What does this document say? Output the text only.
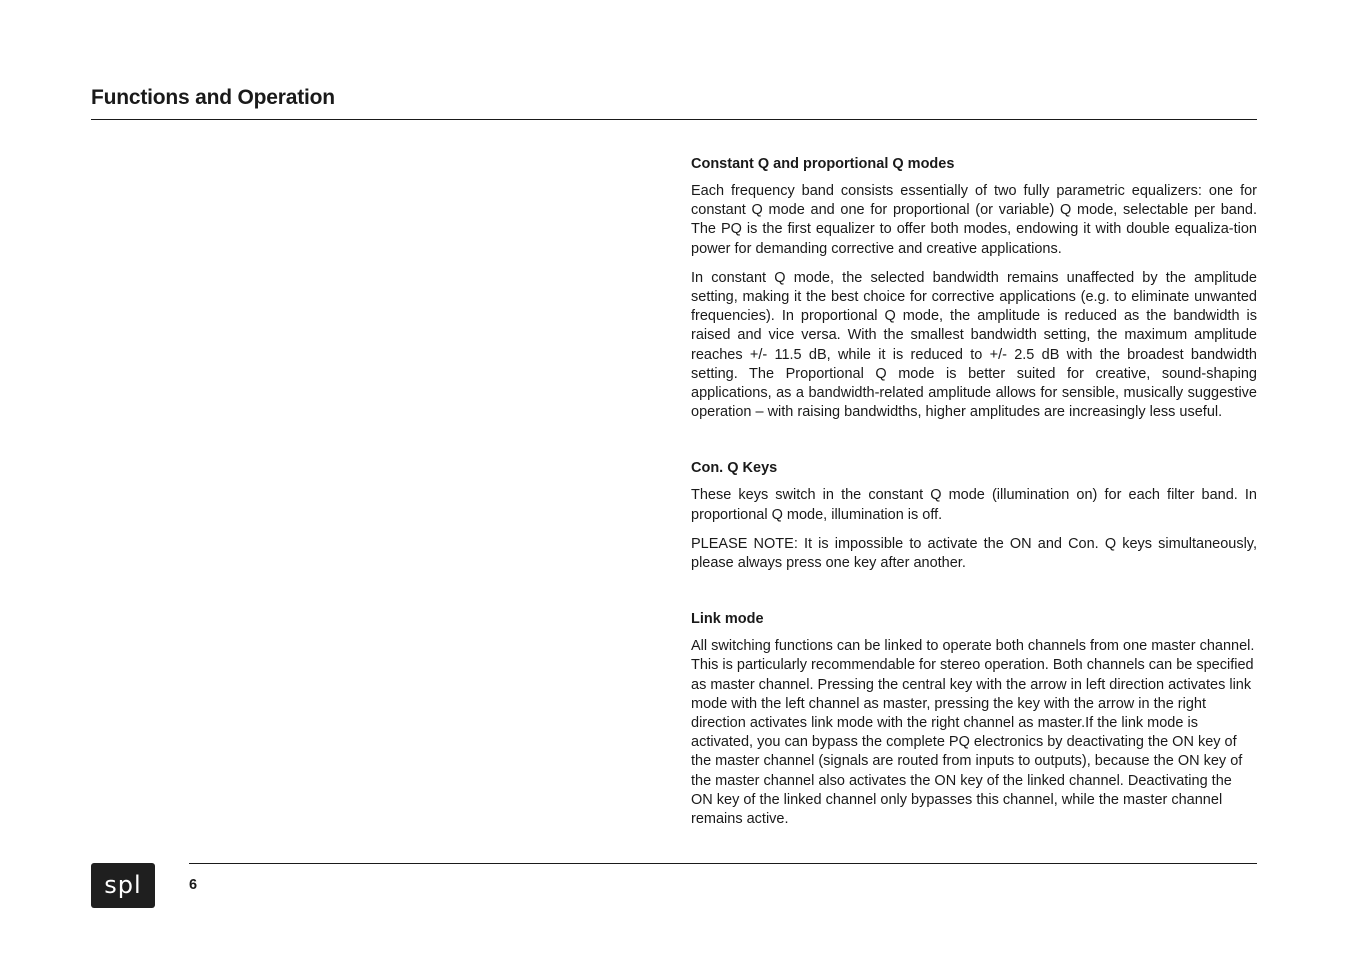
Functions and Operation
Constant Q and proportional Q modes

Each frequency band consists essentially of two fully parametric equalizers: one for constant Q mode and one for proportional (or variable) Q mode, selectable per band. The PQ is the first equalizer to offer both modes, endowing it with double equaliza-tion power for demanding corrective and creative applications.

In constant Q mode, the selected bandwidth remains unaffected by the amplitude setting, making it the best choice for corrective applications (e.g. to eliminate unwanted frequencies). In proportional Q mode, the amplitude is reduced as the bandwidth is raised and vice versa. With the smallest bandwidth setting, the maximum amplitude reaches +/- 11.5 dB, while it is reduced to +/- 2.5 dB with the broadest bandwidth setting. The Proportional Q mode is better suited for creative, sound-shaping applications, as a bandwidth-related amplitude allows for sensible, musically suggestive operation – with raising bandwidths, higher amplitudes are increasingly less useful.

Con. Q Keys

These keys switch in the constant Q mode (illumination on) for each filter band. In proportional Q mode, illumination is off.

PLEASE NOTE: It is impossible to activate the ON and Con. Q keys simultaneously, please always press one key after another.

Link mode

All switching functions can be linked to operate both channels from one master channel. This is particularly recommendable for stereo operation. Both channels can be specified as master channel. Pressing the central key with the arrow in left direction activates link mode with the left channel as master, pressing the key with the arrow in the right direction activates link mode with the right channel as master.If the link mode is activated, you can bypass the complete PQ electronics by deactivating the ON key of the master channel (signals are routed from inputs to outputs), because the ON key of the master channel also activates the ON key of the linked channel. Deactivating the ON key of the linked channel only bypasses this channel, while the master channel remains active.

spl	6
